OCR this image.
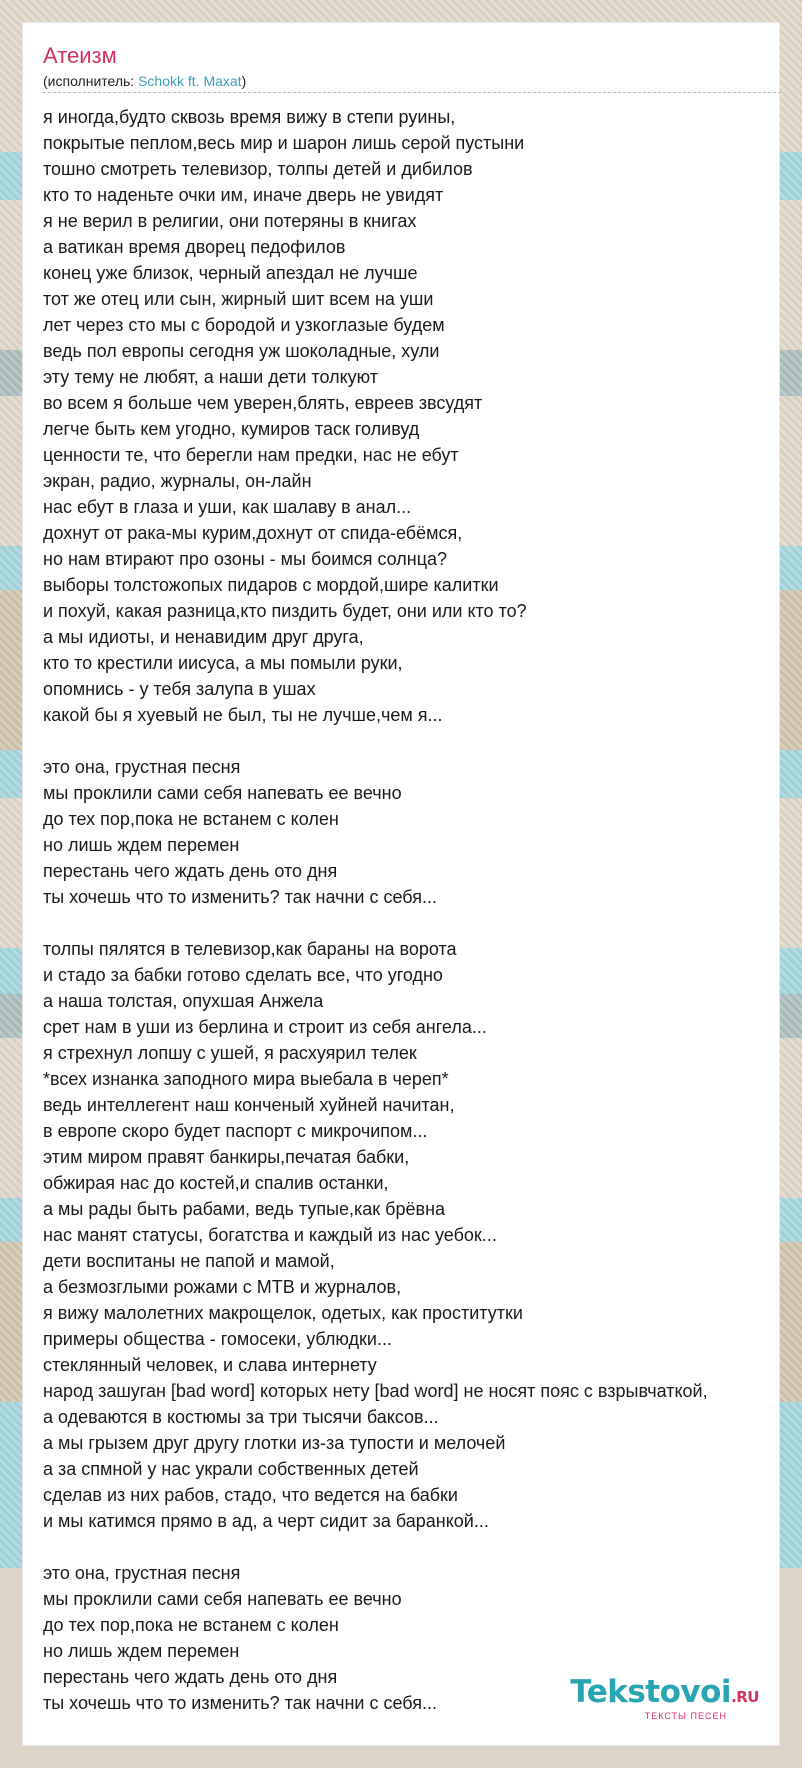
Атеизм
(исполнитель: Schokk ft. Maxat)
я иногда,будто сквозь время вижу в степи руины,
покрытые пеплом,весь мир и шарон лишь серой пустыни
тошно смотреть телевизор, толпы детей и дибилов
кто то наденьте очки им, иначе дверь не увидят
я не верил в религии, они потеряны в книгах
а ватикан время дворец педофилов
конец уже близок, черный апездал не лучше
тот же отец или сын, жирный шит всем на уши
лет через сто мы с бородой и узкоглазые будем
ведь пол европы сегодня уж шоколадные, хули
эту тему не любят, а наши дети толкуют
во всем я больше чем уверен,блять, евреев звсудят
легче быть кем угодно, кумиров таск голивуд
ценности те, что берегли нам предки, нас не ебут
экран, радио, журналы, он-лайн
нас ебут в глаза и уши, как шалаву в анал...
дохнут от рака-мы курим,дохнут от спида-ебёмся,
но нам втирают про озоны - мы боимся солнца?
выборы толстожопых пидаров с мордой,шире калитки
и похуй, какая разница,кто пиздить будет, они или кто то?
а мы идиоты, и ненавидим друг друга,
кто то крестили иисуса, а мы помыли руки,
опомнись - у тебя залупа в ушах
какой бы я хуевый не был, ты не лучше,чем я...
это она, грустная песня
мы проклили сами себя напевать ее вечно
до тех пор,пока не встанем с колен
но лишь ждем перемен
перестань чего ждать день ото дня
ты хочешь что то изменить? так начни с себя...
толпы пялятся в телевизор,как бараны на ворота
и стадо за бабки готово сделать все, что угодно
а наша толстая, опухшая Анжела
срет нам в уши из берлина и строит из себя ангела...
я стрехнул лопшу с ушей, я расхуярил телек
*всех изнанка заподного мира выебала в череп*
ведь интеллегент наш конченый хуйней начитан,
в европе скоро будет паспорт с микрочипом...
этим миром правят банкиры,печатая бабки,
обжирая нас до костей,и спалив останки,
а мы рады быть рабами, ведь тупые,как брёвна
нас манят статусы, богатства и каждый из нас уебок...
дети воспитаны не папой и мамой,
а безмозглыми рожами с МТВ и журналов,
я вижу малолетних макрощелок, одетых, как проститутки
примеры общества - гомосеки, ублюдки...
стеклянный человек, и слава интернету
народ зашуган [bad word] которых нету [bad word] не носят пояс с взрывчаткой,
а одеваются в костюмы за три тысячи баксов...
а мы грызем друг другу глотки из-за тупости и мелочей
а за спмной у нас украли собственных детей
сделав из них рабов, стадо, что ведется на бабки
и мы катимся прямо в ад, а черт сидит за баранкой...
это она, грустная песня
мы проклили сами себя напевать ее вечно
до тех пор,пока не встанем с колен
но лишь ждем перемен
перестань чего ждать день ото дня
ты хочешь что то изменить? так начни с себя...	Tekstovoi.RU
ТЕКСТЫ ПЕСЕН
